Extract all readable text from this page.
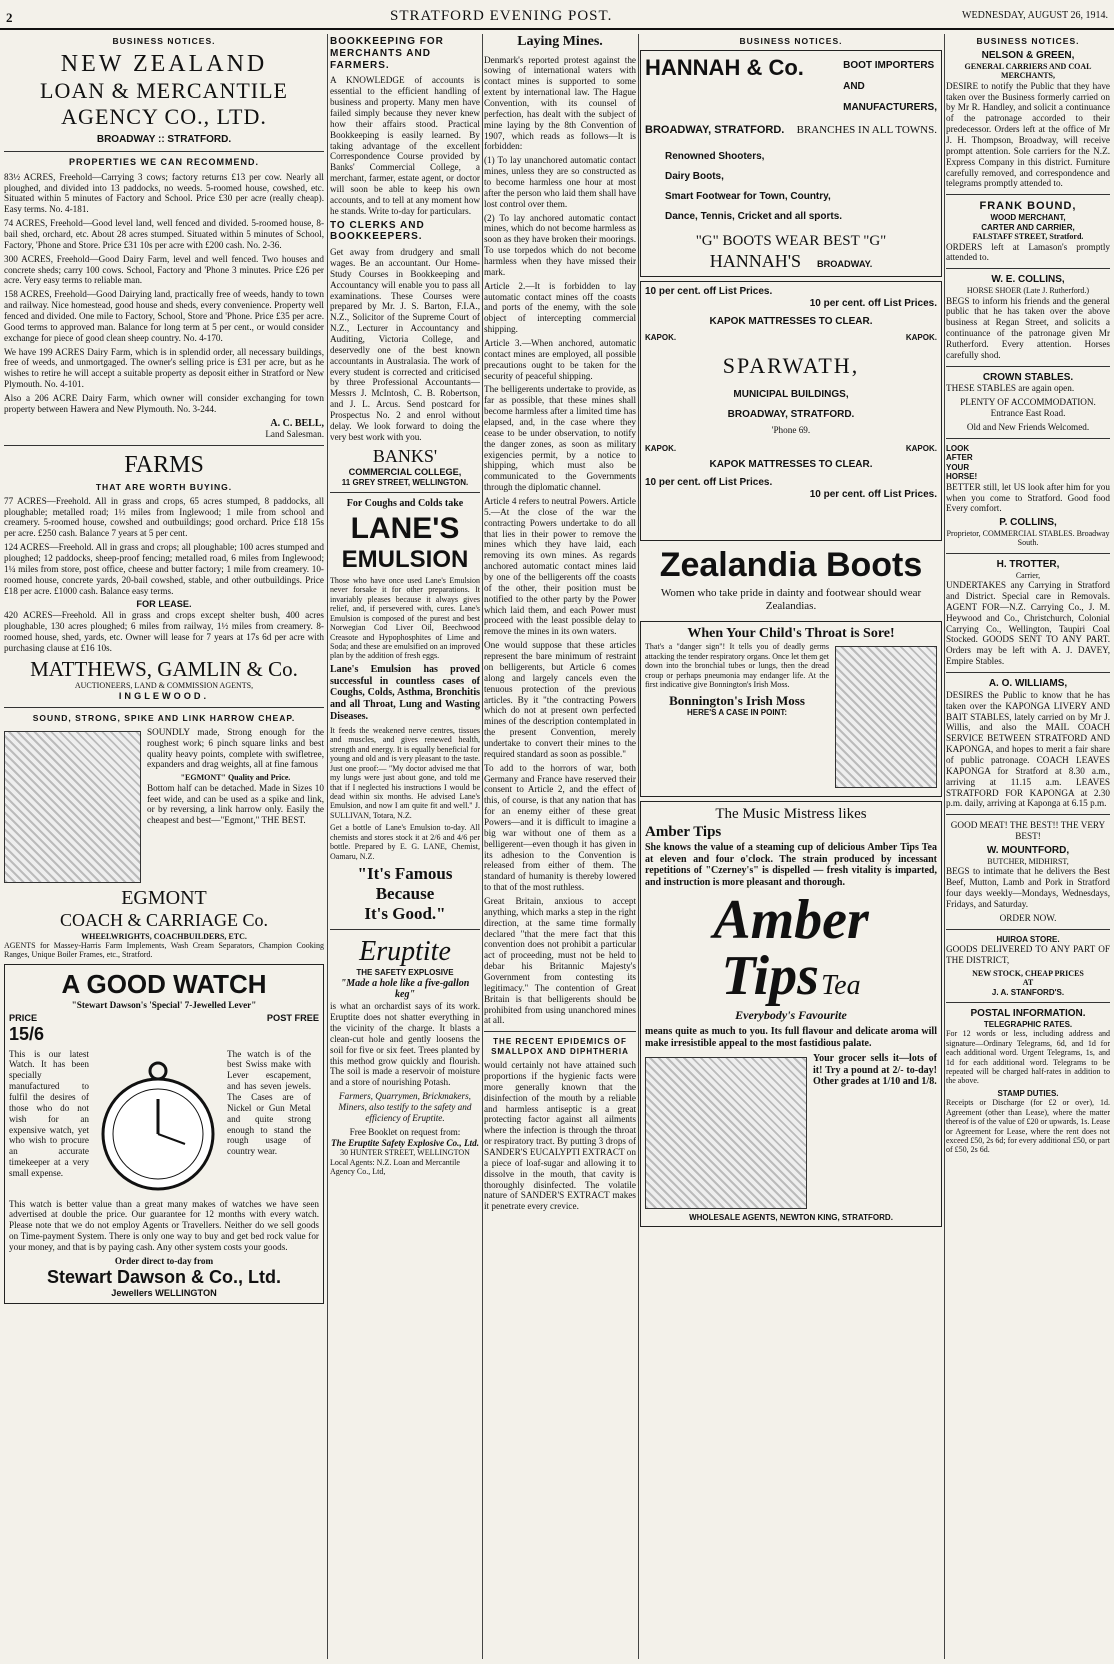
2	STRATFORD EVENING POST.	WEDNESDAY, AUGUST 26, 1914.
BUSINESS NOTICES.
NEW ZEALAND
LOAN & MERCANTILE
AGENCY CO., LTD.
BROADWAY :: STRATFORD.
PROPERTIES WE CAN RECOMMEND.

83½ ACRES, Freehold—Carrying 3 cows; factory returns £13 per cow. Nearly all ploughed, and divided into 13 paddocks, no weeds. 5-roomed house, cowshed, etc. Situated within 5 minutes of Factory and School. Price £30 per acre (really cheap). Easy terms. No. 4-181.

74 ACRES, Freehold—Good level land, well fenced and divided. 5-roomed house, 8-bail shed, orchard, etc. About 28 acres stumped. Situated within 5 minutes of School, Factory, 'Phone and Store. Price £31 10s per acre with £200 cash. No. 2-36.

300 ACRES, Freehold—Good Dairy Farm, level and well fenced. Two houses and concrete sheds; carry 100 cows. School, Factory and 'Phone 3 minutes. Price £26 per acre. Very easy terms to reliable man.

158 ACRES, Freehold—Good Dairying land, practically free of weeds, handy to town and railway. Nice homestead, good house and sheds, every convenience. Property well fenced and divided. One mile to Factory, School, Store and 'Phone. Price £35 per acre. Good terms to approved man. Balance for long term at 5 per cent., or would consider exchange for piece of good clean sheep country. No. 4-170.

We have 199 ACRES Dairy Farm, which is in splendid order, all necessary buildings, free of weeds, and unmortgaged. The owner's selling price is £31 per acre, but as he wishes to retire he will accept a suitable property as deposit either in Stratford or New Plymouth. No. 4-101.

Also a 206 ACRE Dairy Farm, which owner will consider exchanging for town property between Hawera and New Plymouth. No. 3-244.

A. C. BELL,
Land Salesman.
FARMS
THAT ARE WORTH BUYING.

77 ACRES—Freehold. All in grass and crops, 65 acres stumped, 8 paddocks, all ploughable; metalled road; 1½ miles from Inglewood; 1 mile from school and creamery. 5-roomed house, cowshed and outbuildings; good orchard. Price £18 15s per acre. £250 cash. Balance 7 years at 5 per cent.

124 ACRES—Freehold. All in grass and crops; all ploughable; 100 acres stumped and ploughed; 12 paddocks, sheep-proof fencing; metalled road, 6 miles from Inglewood; 1¼ miles from store, post office, cheese and butter factory; 1 mile from creamery. 10-roomed house, concrete yards, 20-bail cowshed, stable, and other outbuildings. Price £18 per acre. £1000 cash. Balance easy terms.

FOR LEASE.

420 ACRES—Freehold. All in grass and crops except shelter bush, 400 acres ploughable, 130 acres ploughed; 6 miles from railway, 1½ miles from creamery. 8-roomed house, shed, yards, etc. Owner will lease for 7 years at 17s 6d per acre with purchasing clause at £16 10s.

MATTHEWS, GAMLIN & Co.
AUCTIONEERS, LAND & COMMISSION AGENTS,
INGLEWOOD.
SOUND, STRONG, SPIKE AND LINK HARROW CHEAP.

SOUNDLY made, Strong enough for the roughest work; 6 pinch square links and best quality heavy points, complete with swifletree, expanders and drag weights, all at fine famous

"EGMONT" Quality and Price.

Bottom half can be detached. Made in Sizes 10 feet wide, and can be used as a spike and link, or by reversing, a link harrow only. Easily the cheapest and best—"Egmont," THE BEST.

EGMONT
COACH & CARRIAGE Co.
WHEELWRIGHTS, COACHBUILDERS, ETC.

AGENTS for Massey-Harris Farm Implements, Wash Cream Separators, Champion Cooking Ranges, Unique Boiler Frames, etc., Stratford.

A GOOD WATCH
"Stewart Dawson's 'Special' 7-Jewelled Lever"
PRICE
15/6
POST FREE

This is our latest Watch. It has been specially manufactured to fulfil the desires of those who do not wish for an expensive watch, yet who wish to procure an accurate timekeeper at a very small expense.

The watch is of the best Swiss make with Lever escapement, and has seven jewels. The Cases are of Nickel or Gun Metal and quite strong enough to stand the rough usage of country wear.

This watch is better value than a great many makes of watches we have seen advertised at double the price. Our guarantee for 12 months with every watch. Please note that we do not employ Agents or Travellers. Neither do we sell goods on Time-payment System. There is only one way to buy and get bed rock value for your money, and that is by paying cash. Any other system costs your goods.

Order direct to-day from
Stewart Dawson & Co., Ltd.
Jewellers WELLINGTON
BOOKKEEPING FOR MERCHANTS AND FARMERS.

A KNOWLEDGE of accounts is essential to the efficient handling of business and property. Many men have failed simply because they never knew how their affairs stood. Practical Bookkeeping is easily learned. By taking advantage of the excellent Correspondence Course provided by Banks' Commercial College, a merchant, farmer, estate agent, or doctor will soon be able to keep his own accounts, and to tell at any moment how he stands. Write to-day for particulars.

TO CLERKS AND BOOKKEEPERS.

Get away from drudgery and small wages. Be an accountant. Our Home-Study Courses in Bookkeeping and Accountancy will enable you to pass all examinations. These Courses were prepared by Mr. J. S. Barton, F.I.A., N.Z., Solicitor of the Supreme Court of N.Z., Lecturer in Accountancy and Auditing, Victoria College, and deservedly one of the best known accountants in Australasia. The work of every student is corrected and criticised by three Professional Accountants—Messrs J. McIntosh, C. B. Robertson, and J. L. Arcus. Send postcard for Prospectus No. 2 and enrol without delay. We look forward to doing the very best work with you.

BANKS'
COMMERCIAL COLLEGE,
11 GREY STREET, WELLINGTON.
For Coughs and Colds take
LANE'S
EMULSION

Those who have once used Lane's Emulsion never forsake it for other preparations. It invariably pleases because it always gives relief, and, if persevered with, cures. Lane's Emulsion is composed of the purest and best Norwegian Cod Liver Oil, Beechwood Creasote and Hypophosphites of Lime and Soda; and these are emulsified on an improved plan by the addition of fresh eggs.

Lane's Emulsion has proved successful in countless cases of Coughs, Colds, Asthma, Bronchitis and all Throat, Lung and Wasting Diseases.

It feeds the weakened nerve centres, tissues and muscles, and gives renewed health, strength and energy. It is equally beneficial for young and old and is very pleasant to the taste. Just one proof:— "My doctor advised me that my lungs were just about gone, and told me that if I neglected his instructions I would be dead within six months. He advised Lane's Emulsion, and now I am quite fit and well." J. SULLIVAN, Totara, N.Z.

Get a bottle of Lane's Emulsion to-day. All chemists and stores stock it at 2/6 and 4/6 per bottle. Prepared by E. G. LANE, Chemist, Oamaru, N.Z.

"It's Famous
Because
It's Good."
Eruptite
THE SAFETY EXPLOSIVE
"Made a hole like a five-gallon keg"

is what an orchardist says of its work. Eruptite does not shatter everything in the vicinity of the charge. It blasts a clean-cut hole and gently loosens the soil for five or six feet. Trees planted by this method grow quickly and flourish. The soil is made a reservoir of moisture and a store of nourishing Potash.

Farmers, Quarrymen, Brickmakers, Miners, also testify to the safety and efficiency of Eruptite.

Free Booklet on request from:
The Eruptite Safety Explosive Co., Ltd.
30 HUNTER STREET, WELLINGTON
Local Agents: N.Z. Loan and Mercantile Agency Co., Ltd,
Laying Mines.

Denmark's reported protest against the sowing of international waters with contact mines is supported to some extent by international law. The Hague Convention, with its counsel of perfection, has dealt with the subject of mine laying by the 8th Convention of 1907, which reads as follows—It is forbidden:

(1) To lay unanchored automatic contact mines, unless they are so constructed as to become harmless one hour at most after the person who laid them shall have lost control over them.

(2) To lay anchored automatic contact mines, which do not become harmless as soon as they have broken their moorings. To use torpedos which do not become harmless when they have missed their mark.

Article 2.—It is forbidden to lay automatic contact mines off the coasts and ports of the enemy, with the sole object of intercepting commercial shipping.

Article 3.—When anchored, automatic contact mines are employed, all possible precautions ought to be taken for the security of peaceful shipping.

The belligerents undertake to provide, as far as possible, that these mines shall become harmless after a limited time has elapsed, and, in the case where they cease to be under observation, to notify the danger zones, as soon as military exigencies permit, by a notice to shipping, which must also be communicated to the Governments through the diplomatic channel.

Article 4 refers to neutral Powers. Article 5.—At the close of the war the contracting Powers undertake to do all that lies in their power to remove the mines which they have laid, each removing its own mines. As regards anchored automatic contact mines laid by one of the belligerents off the coasts of the other, their position must be notified to the other party by the Power which laid them, and each Power must proceed with the least possible delay to remove the mines in its own waters.

One would suppose that these articles represent the bare minimum of restraint on belligerents, but Article 6 comes along and largely cancels even the tenuous protection of the previous articles. By it "the contracting Powers which do not at present own perfected mines of the description contemplated in the present Convention, merely undertake to convert their mines to the required standard as soon as possible."

To add to the horrors of war, both Germany and France have reserved their consent to Article 2, and the effect of this, of course, is that any nation that has for an enemy either of these great Powers—and it is difficult to imagine a big war without one of them as a belligerent—even though it has given in its adhesion to the Convention is released from either of them. The standard of humanity is thereby lowered to that of the most ruthless.

Great Britain, anxious to accept anything, which marks a step in the right direction, at the same time formally declared "that the mere fact that this convention does not prohibit a particular act of proceeding, must not be held to debar his Britannic Majesty's Government from contesting its legitimacy." The contention of Great Britain is that belligerents should be prohibited from using unanchored mines at all.

THE RECENT EPIDEMICS OF SMALLPOX AND DIPHTHERIA

would certainly not have attained such proportions if the hygienic facts were more generally known that the disinfection of the mouth by a reliable and harmless antiseptic is a great protecting factor against all ailments where the infection is through the throat or respiratory tract. By putting 3 drops of SANDER'S EUCALYPTI EXTRACT on a piece of loaf-sugar and allowing it to dissolve in the mouth, that cavity is thoroughly disinfected. The volatile nature of SANDER'S EXTRACT makes it penetrate every crevice.

BUSINESS NOTICES.
HANNAH & Co.	BOOT IMPORTERS
AND
MANUFACTURERS,
BROADWAY, STRATFORD. BRANCHES IN ALL TOWNS.
Renowned Shooters,
Dairy Boots,
Smart Footwear for Town, Country,
Dance, Tennis, Cricket and all sports.
"G" BOOTS WEAR BEST "G"
HANNAH'S BROADWAY.
10 per cent. off List Prices.
10 per cent. off List Prices.
KAPOK MATTRESSES TO CLEAR.
KAPOK.	KAPOK.
SPARWATH,
MUNICIPAL BUILDINGS,
BROADWAY, STRATFORD.
'Phone 69.
KAPOK.	KAPOK.
KAPOK MATTRESSES TO CLEAR.
10 per cent. off List Prices.
10 per cent. off List Prices.
Zealandia Boots
Women who take pride in dainty and footwear should wear Zealandias.
When Your Child's Throat is Sore!

That's a "danger sign"! It tells you of deadly germs attacking the tender respiratory organs. Once let them get down into the bronchial tubes or lungs, then the dread croup or perhaps pneumonia may endanger life. At the first indicative give Bonnington's Irish Moss.

Bonnington's Irish Moss
HERE'S A CASE IN POINT:
The Music Mistress likes
Amber Tips

She knows the value of a steaming cup of delicious Amber Tips Tea at eleven and four o'clock. The strain produced by incessant repetitions of "Czerney's" is dispelled — fresh vitality is imparted, and instruction is more pleasant and thorough.

Amber
Tips Tea
Everybody's Favourite

means quite as much to you. Its full flavour and delicate aroma will make irresistible appeal to the most fastidious palate.

Your grocer sells it—lots of it! Try a pound at 2/- to-day! Other grades at 1/10 and 1/8.

WHOLESALE AGENTS, NEWTON KING, STRATFORD.
BUSINESS NOTICES.
NELSON & GREEN,
GENERAL CARRIERS AND COAL MERCHANTS,

DESIRE to notify the Public that they have taken over the Business formerly carried on by Mr R. Handley, and solicit a continuance of the patronage accorded to their predecessor. Orders left at the office of Mr J. H. Thompson, Broadway, will receive prompt attention. Sole carriers for the N.Z. Express Company in this district. Furniture carefully removed, and correspondence and telegrams promptly attended to.

FRANK BOUND,
WOOD MERCHANT,
CARTER AND CARRIER,
FALSTAFF STREET, Stratford.

ORDERS left at Lamason's promptly attended to.

W. E. COLLINS,
HORSE SHOER (Late J. Rutherford.)

BEGS to inform his friends and the general public that he has taken over the above business at Regan Street, and solicits a continuance of the patronage given Mr Rutherford. Every attention. Horses carefully shod.

CROWN STABLES.

THESE STABLES are again open.

PLENTY OF ACCOMMODATION. Entrance East Road.

Old and New Friends Welcomed.

LOOK AFTER YOUR HORSE!

BETTER still, let US look after him for you when you come to Stratford. Good food Every comfort.

P. COLLINS,
Proprietor, COMMERCIAL STABLES. Broadway South.
H. TROTTER,
Carrier,

UNDERTAKES any Carrying in Stratford and District. Special care in Removals. AGENT FOR—N.Z. Carrying Co., J. M. Heywood and Co., Christchurch, Colonial Carrying Co., Wellington, Taupiri Coal Stocked. GOODS SENT TO ANY PART. Orders may be left with A. J. DAVEY, Empire Stables.

A. O. WILLIAMS,

DESIRES the Public to know that he has taken over the KAPONGA LIVERY AND BAIT STABLES, lately carried on by Mr J. Willis, and also the MAIL COACH SERVICE BETWEEN STRATFORD AND KAPONGA, and hopes to merit a fair share of public patronage. COACH LEAVES KAPONGA for Stratford at 8.30 a.m., arriving at 11.15 a.m. LEAVES STRATFORD FOR KAPONGA at 2.30 p.m. daily, arriving at Kaponga at 6.15 p.m.

GOOD MEAT! THE BEST!! THE VERY BEST!

W. MOUNTFORD,
BUTCHER, MIDHIRST,

BEGS to intimate that he delivers the Best Beef, Mutton, Lamb and Pork in Stratford four days weekly—Mondays, Wednesdays, Fridays, and Saturday.

ORDER NOW.
HUIROA STORE.

GOODS DELIVERED TO ANY PART OF THE DISTRICT,

NEW STOCK, CHEAP PRICES
AT
J. A. STANFORD'S.
POSTAL INFORMATION.
TELEGRAPHIC RATES.

For 12 words or less, including address and signature—Ordinary Telegrams, 6d, and 1d for each additional word. Urgent Telegrams, 1s, and 1d for each additional word. Telegrams to be repeated will be charged half-rates in addition to the above.

STAMP DUTIES.

Receipts or Discharge (for £2 or over), 1d. Agreement (other than Lease), where the matter thereof is of the value of £20 or upwards, 1s. Lease or Agreement for Lease, where the rent does not exceed £50, 2s 6d; for every additional £50, or part of £50, 2s 6d.
